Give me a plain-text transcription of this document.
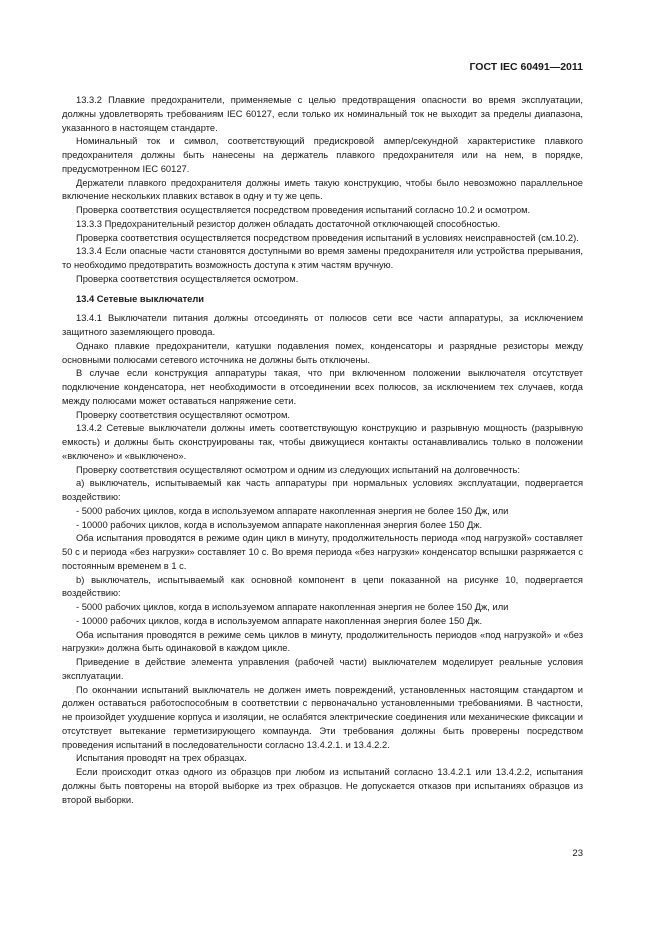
ГОСТ IEC 60491—2011

13.3.2 Плавкие предохранители, применяемые с целью предотвращения опасности во время эксплуатации, должны удовлетворять требованиям IEC 60127, если только их номинальный ток не выходит за пределы диапазона, указанного в настоящем стандарте.

Номинальный ток и символ, соответствующий предискровой ампер/секундной характеристике плавкого предохранителя должны быть нанесены на держатель плавкого предохранителя или на нем, в порядке, предусмотренном IEC 60127.

Держатели плавкого предохранителя должны иметь такую конструкцию, чтобы было невозможно параллельное включение нескольких плавких вставок в одну и ту же цепь.

Проверка соответствия осуществляется посредством проведения испытаний согласно 10.2 и осмотром.

13.3.3 Предохранительный резистор должен обладать достаточной отключающей способностью.

Проверка соответствия осуществляется посредством проведения испытаний в условиях неисправностей (см.10.2).

13.3.4 Если опасные части становятся доступными во время замены предохранителя или устройства прерывания, то необходимо предотвратить возможность доступа к этим частям вручную.

Проверка соответствия осуществляется осмотром.

13.4 Сетевые выключатели

13.4.1 Выключатели питания должны отсоединять от полюсов сети все части аппаратуры, за исключением защитного заземляющего провода.

Однако плавкие предохранители, катушки подавления помех, конденсаторы и разрядные резисторы между основными полюсами сетевого источника не должны быть отключены.

В случае если конструкция аппаратуры такая, что при включенном положении выключателя отсутствует подключение конденсатора, нет необходимости в отсоединении всех полюсов, за исключением тех случаев, когда между полюсами может оставаться напряжение сети.

Проверку соответствия осуществляют осмотром.

13.4.2 Сетевые выключатели должны иметь соответствующую конструкцию и разрывную мощность (разрывную емкость) и должны быть сконструированы так, чтобы движущиеся контакты останавливались только в положении «включено» и «выключено».

Проверку соответствия осуществляют осмотром и одним из следующих испытаний на долговечность:

a) выключатель, испытываемый как часть аппаратуры при нормальных условиях эксплуатации, подвергается воздействию:

- 5000 рабочих циклов, когда в используемом аппарате накопленная энергия не более 150 Дж, или

- 10000 рабочих циклов, когда в используемом аппарате накопленная энергия более 150 Дж.

Оба испытания проводятся в режиме один цикл в минуту, продолжительность периода «под нагрузкой» составляет 50 с и периода «без нагрузки» составляет 10 с. Во время периода «без нагрузки» конденсатор вспышки разряжается с постоянным временем в 1 с.

b) выключатель, испытываемый как основной компонент в цепи показанной на рисунке 10, подвергается воздействию:

- 5000 рабочих циклов, когда в используемом аппарате накопленная энергия не более 150 Дж, или

- 10000 рабочих циклов, когда в используемом аппарате накопленная энергия более 150 Дж.

Оба испытания проводятся в режиме семь циклов в минуту, продолжительность периодов «под нагрузкой» и «без нагрузки» должна быть одинаковой в каждом цикле.

Приведение в действие элемента управления (рабочей части) выключателем моделирует реальные условия эксплуатации.

По окончании испытаний выключатель не должен иметь повреждений, установленных настоящим стандартом и должен оставаться работоспособным в соответствии с первоначально установленными требованиями. В частности, не произойдет ухудшение корпуса и изоляции, не ослабятся электрические соединения или механические фиксации и отсутствует вытекание герметизирующего компаунда. Эти требования должны быть проверены посредством проведения испытаний в последовательности согласно 13.4.2.1. и 13.4.2.2.

Испытания проводят на трех образцах.

Если происходит отказ одного из образцов при любом из испытаний согласно 13.4.2.1 или 13.4.2.2, испытания должны быть повторены на второй выборке из трех образцов. Не допускается отказов при испытаниях образцов из второй выборки.

23
